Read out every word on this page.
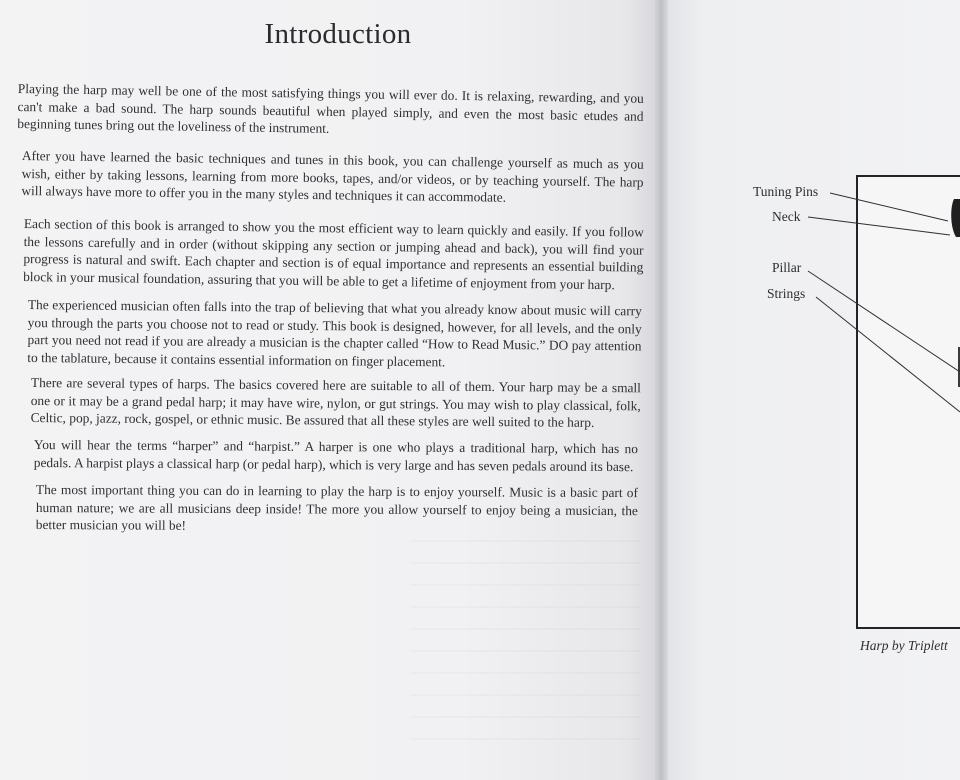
Introduction

Playing the harp may well be one of the most satisfying things you will ever do. It is relaxing, rewarding, and you can't make a bad sound. The harp sounds beautiful when played simply, and even the most basic etudes and beginning tunes bring out the loveliness of the instrument.

After you have learned the basic techniques and tunes in this book, you can challenge yourself as much as you wish, either by taking lessons, learning from more books, tapes, and/or videos, or by teaching yourself. The harp will always have more to offer you in the many styles and techniques it can accommodate.

Each section of this book is arranged to show you the most efficient way to learn quickly and easily. If you follow the lessons carefully and in order (without skipping any section or jumping ahead and back), you will find your progress is natural and swift. Each chapter and section is of equal importance and represents an essential building block in your musical foundation, assuring that you will be able to get a lifetime of enjoyment from your harp.

The experienced musician often falls into the trap of believing that what you already know about music will carry you through the parts you choose not to read or study. This book is designed, however, for all levels, and the only part you need not read if you are already a musician is the chapter called “How to Read Music.” DO pay attention to the tablature, because it contains essential information on finger placement.

There are several types of harps. The basics covered here are suitable to all of them. Your harp may be a small one or it may be a grand pedal harp; it may have wire, nylon, or gut strings. You may wish to play classical, folk, Celtic, pop, jazz, rock, gospel, or ethnic music. Be assured that all these styles are well suited to the harp.

You will hear the terms “harper” and “harpist.” A harper is one who plays a traditional harp, which has no pedals. A harpist plays a classical harp (or pedal harp), which is very large and has seven pedals around its base.

The most important thing you can do in learning to play the harp is to enjoy yourself. Music is a basic part of human nature; we are all musicians deep inside! The more you allow yourself to enjoy being a musician, the better musician you will be!

Tuning Pins
Neck
Pillar
Strings
Harp by Triplett
